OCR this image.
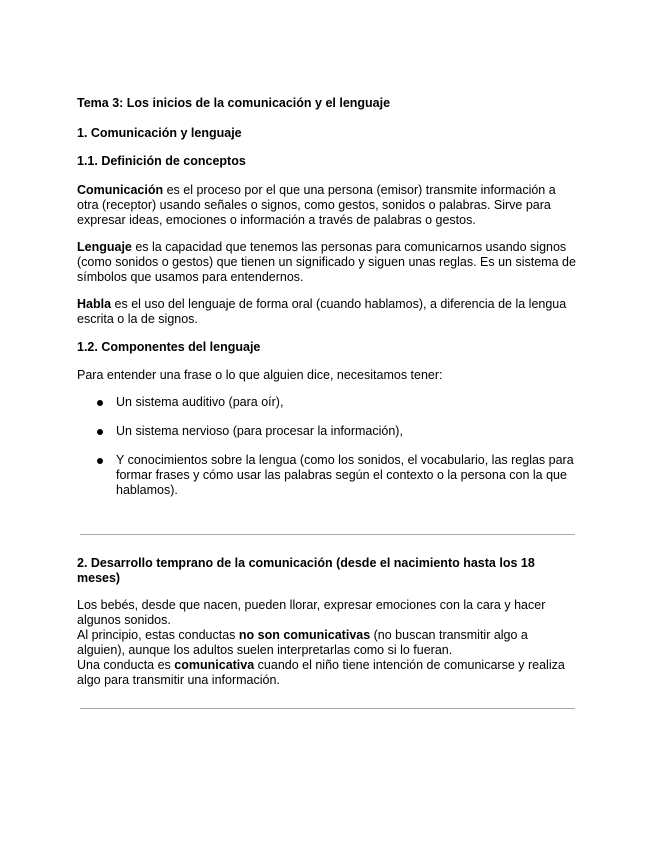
Tema 3: Los inicios de la comunicación y el lenguaje

1. Comunicación y lenguaje

1.1. Definición de conceptos

Comunicación es el proceso por el que una persona (emisor) transmite información a otra (receptor) usando señales o signos, como gestos, sonidos o palabras. Sirve para expresar ideas, emociones o información a través de palabras o gestos.

Lenguaje es la capacidad que tenemos las personas para comunicarnos usando signos (como sonidos o gestos) que tienen un significado y siguen unas reglas. Es un sistema de símbolos que usamos para entendernos.

Habla es el uso del lenguaje de forma oral (cuando hablamos), a diferencia de la lengua escrita o la de signos.

1.2. Componentes del lenguaje

Para entender una frase o lo que alguien dice, necesitamos tener:

Un sistema auditivo (para oír),
Un sistema nervioso (para procesar la información),
Y conocimientos sobre la lengua (como los sonidos, el vocabulario, las reglas para formar frases y cómo usar las palabras según el contexto o la persona con la que hablamos).

2. Desarrollo temprano de la comunicación (desde el nacimiento hasta los 18 meses)

Los bebés, desde que nacen, pueden llorar, expresar emociones con la cara y hacer algunos sonidos.

Al principio, estas conductas no son comunicativas (no buscan transmitir algo a alguien), aunque los adultos suelen interpretarlas como si lo fueran.

Una conducta es comunicativa cuando el niño tiene intención de comunicarse y realiza algo para transmitir una información.
